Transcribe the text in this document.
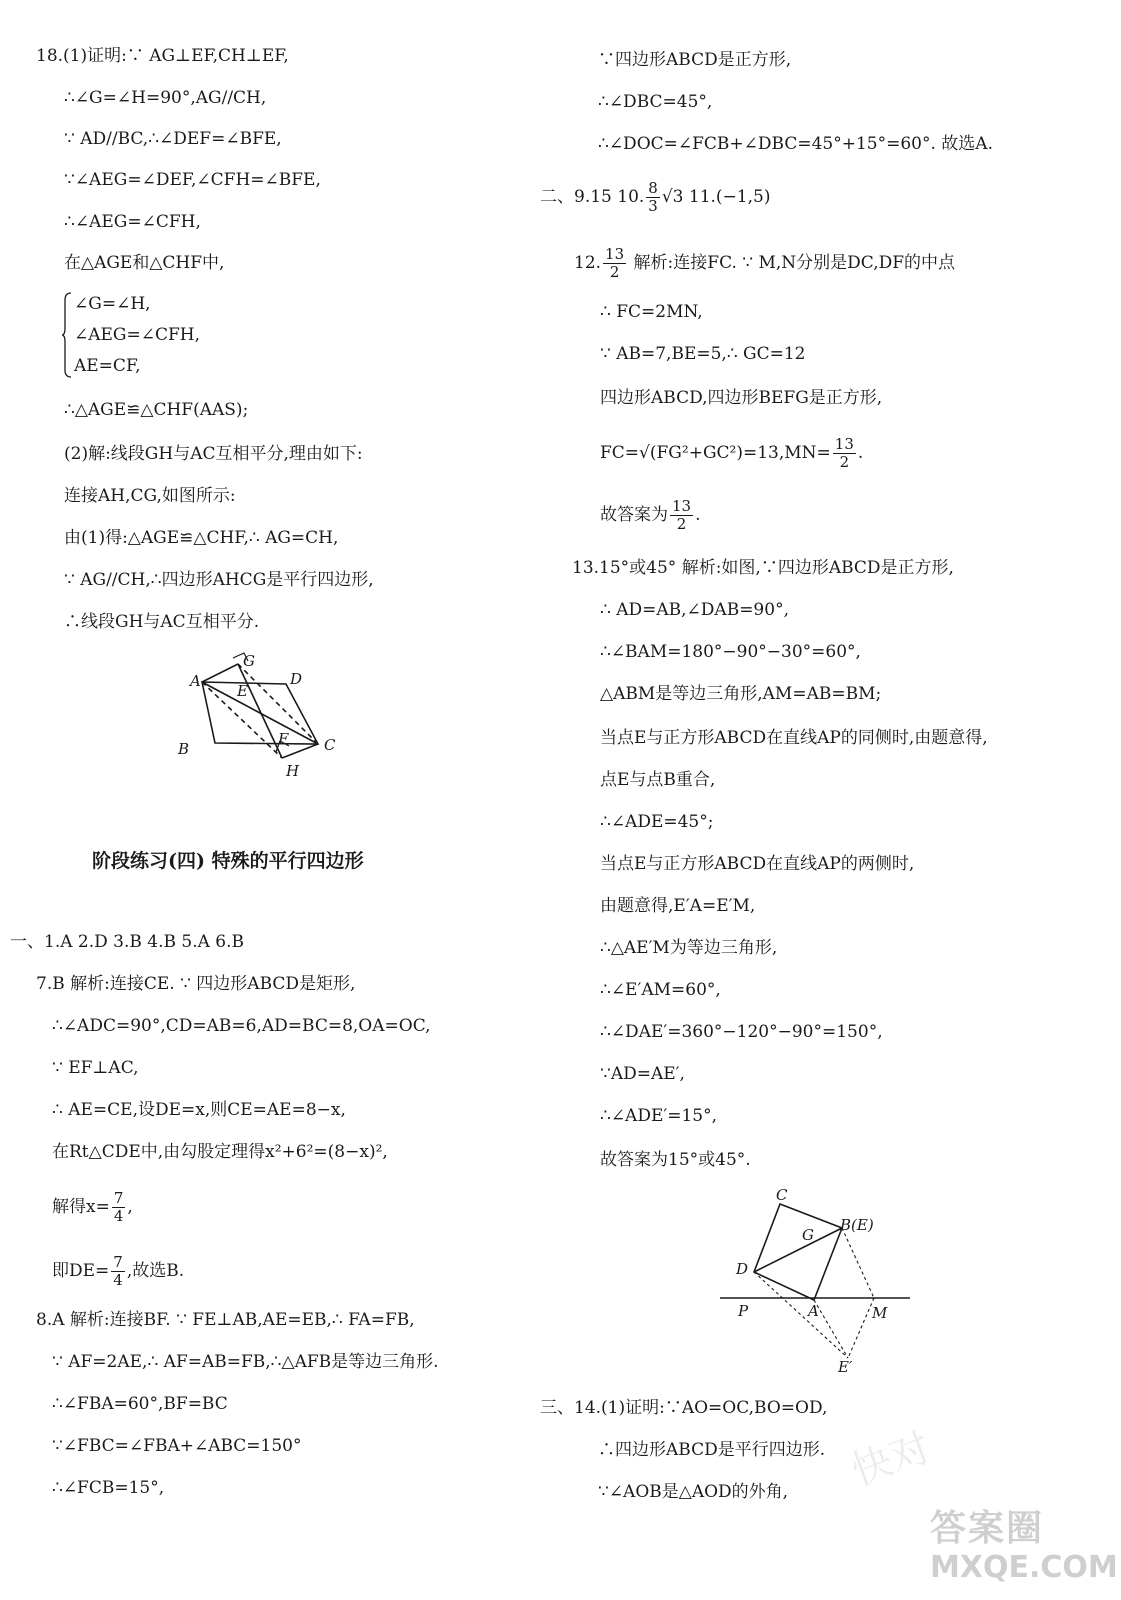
18.(1)证明:∵ AG⊥EF,CH⊥EF,
∴∠G=∠H=90°,AG//CH,
∵ AD//BC,∴∠DEF=∠BFE,
∵∠AEG=∠DEF,∠CFH=∠BFE,
∴∠AEG=∠CFH,
在△AGE和△CHF中,
∠G=∠H,
∠AEG=∠CFH,
AE=CF,
∴△AGE≌△CHF(AAS);
(2)解:线段GH与AC互相平分,理由如下:
连接AH,CG,如图所示:
由(1)得:△AGE≌△CHF,∴ AG=CH,
∵ AG//CH,∴四边形AHCG是平行四边形,
∴线段GH与AC互相平分.
A
B	C
D
E
F
G
H
阶段练习(四) 特殊的平行四边形
一、1.A 2.D 3.B 4.B 5.A 6.B
7.B 解析:连接CE. ∵ 四边形ABCD是矩形,
∴∠ADC=90°,CD=AB=6,AD=BC=8,OA=OC,
∵ EF⊥AC,
∴ AE=CE,设DE=x,则CE=AE=8−x,
在Rt△CDE中,由勾股定理得x²+6²=(8−x)²,
解得$x= \frac{7}{4}$ ,
即$DE= \frac{7}{4}$ ,故选B.
8.A 解析:连接BF. ∵ FE⊥AB,AE=EB,∴ FA=FB,
∵ AF=2AE,∴ AF=AB=FB,∴△AFB是等边三角形.
∴∠FBA=60°,BF=BC
∵∠FBC=∠FBA+∠ABC=150°
∴∠FCB=15°,
∵四边形ABCD是正方形,
∴∠DBC=45°,
∴∠DOC=∠FCB+∠DBC=45°+15°=60°. 故选A.
二、9.15 10. $\frac{8}{3} √3$ 11.(−1,5)
12. $\frac{13}{2}$ 解析:连接FC. ∵ M,N分别是DC,DF的中点
∴ FC=2MN,
∵ AB=7,BE=5,∴ GC=12
四边形ABCD,四边形BEFG是正方形,
$FC=√(FG^2+GC^2)=13,MN= \frac{13}{2}$ .
故答案为 $\frac{13}{2}$ .
13.15°或45° 解析:如图,∵四边形ABCD是正方形,
∴ AD=AB,∠DAB=90°,
∴∠BAM=180°−90°−30°=60°,
△ABM是等边三角形,AM=AB=BM;
当点E与正方形ABCD在直线AP的同侧时,由题意得,
点E与点B重合,
∴∠ADE=45°;
当点E与正方形ABCD在直线AP的两侧时,
由题意得,E′A=E′M,
∴△AE′M为等边三角形,
∴∠E′AM=60°,
∴∠DAE′=360°−120°−90°=150°,
∵AD=AE′,
∴∠ADE′=15°,
故答案为15°或45°.
C
G
B(E)
D
P	A	M
E′
三、14.(1)证明:∵AO=OC,BO=OD,
∴四边形ABCD是平行四边形.
∵∠AOB是△AOD的外角, 快对
答案圈
MXQE.COM
